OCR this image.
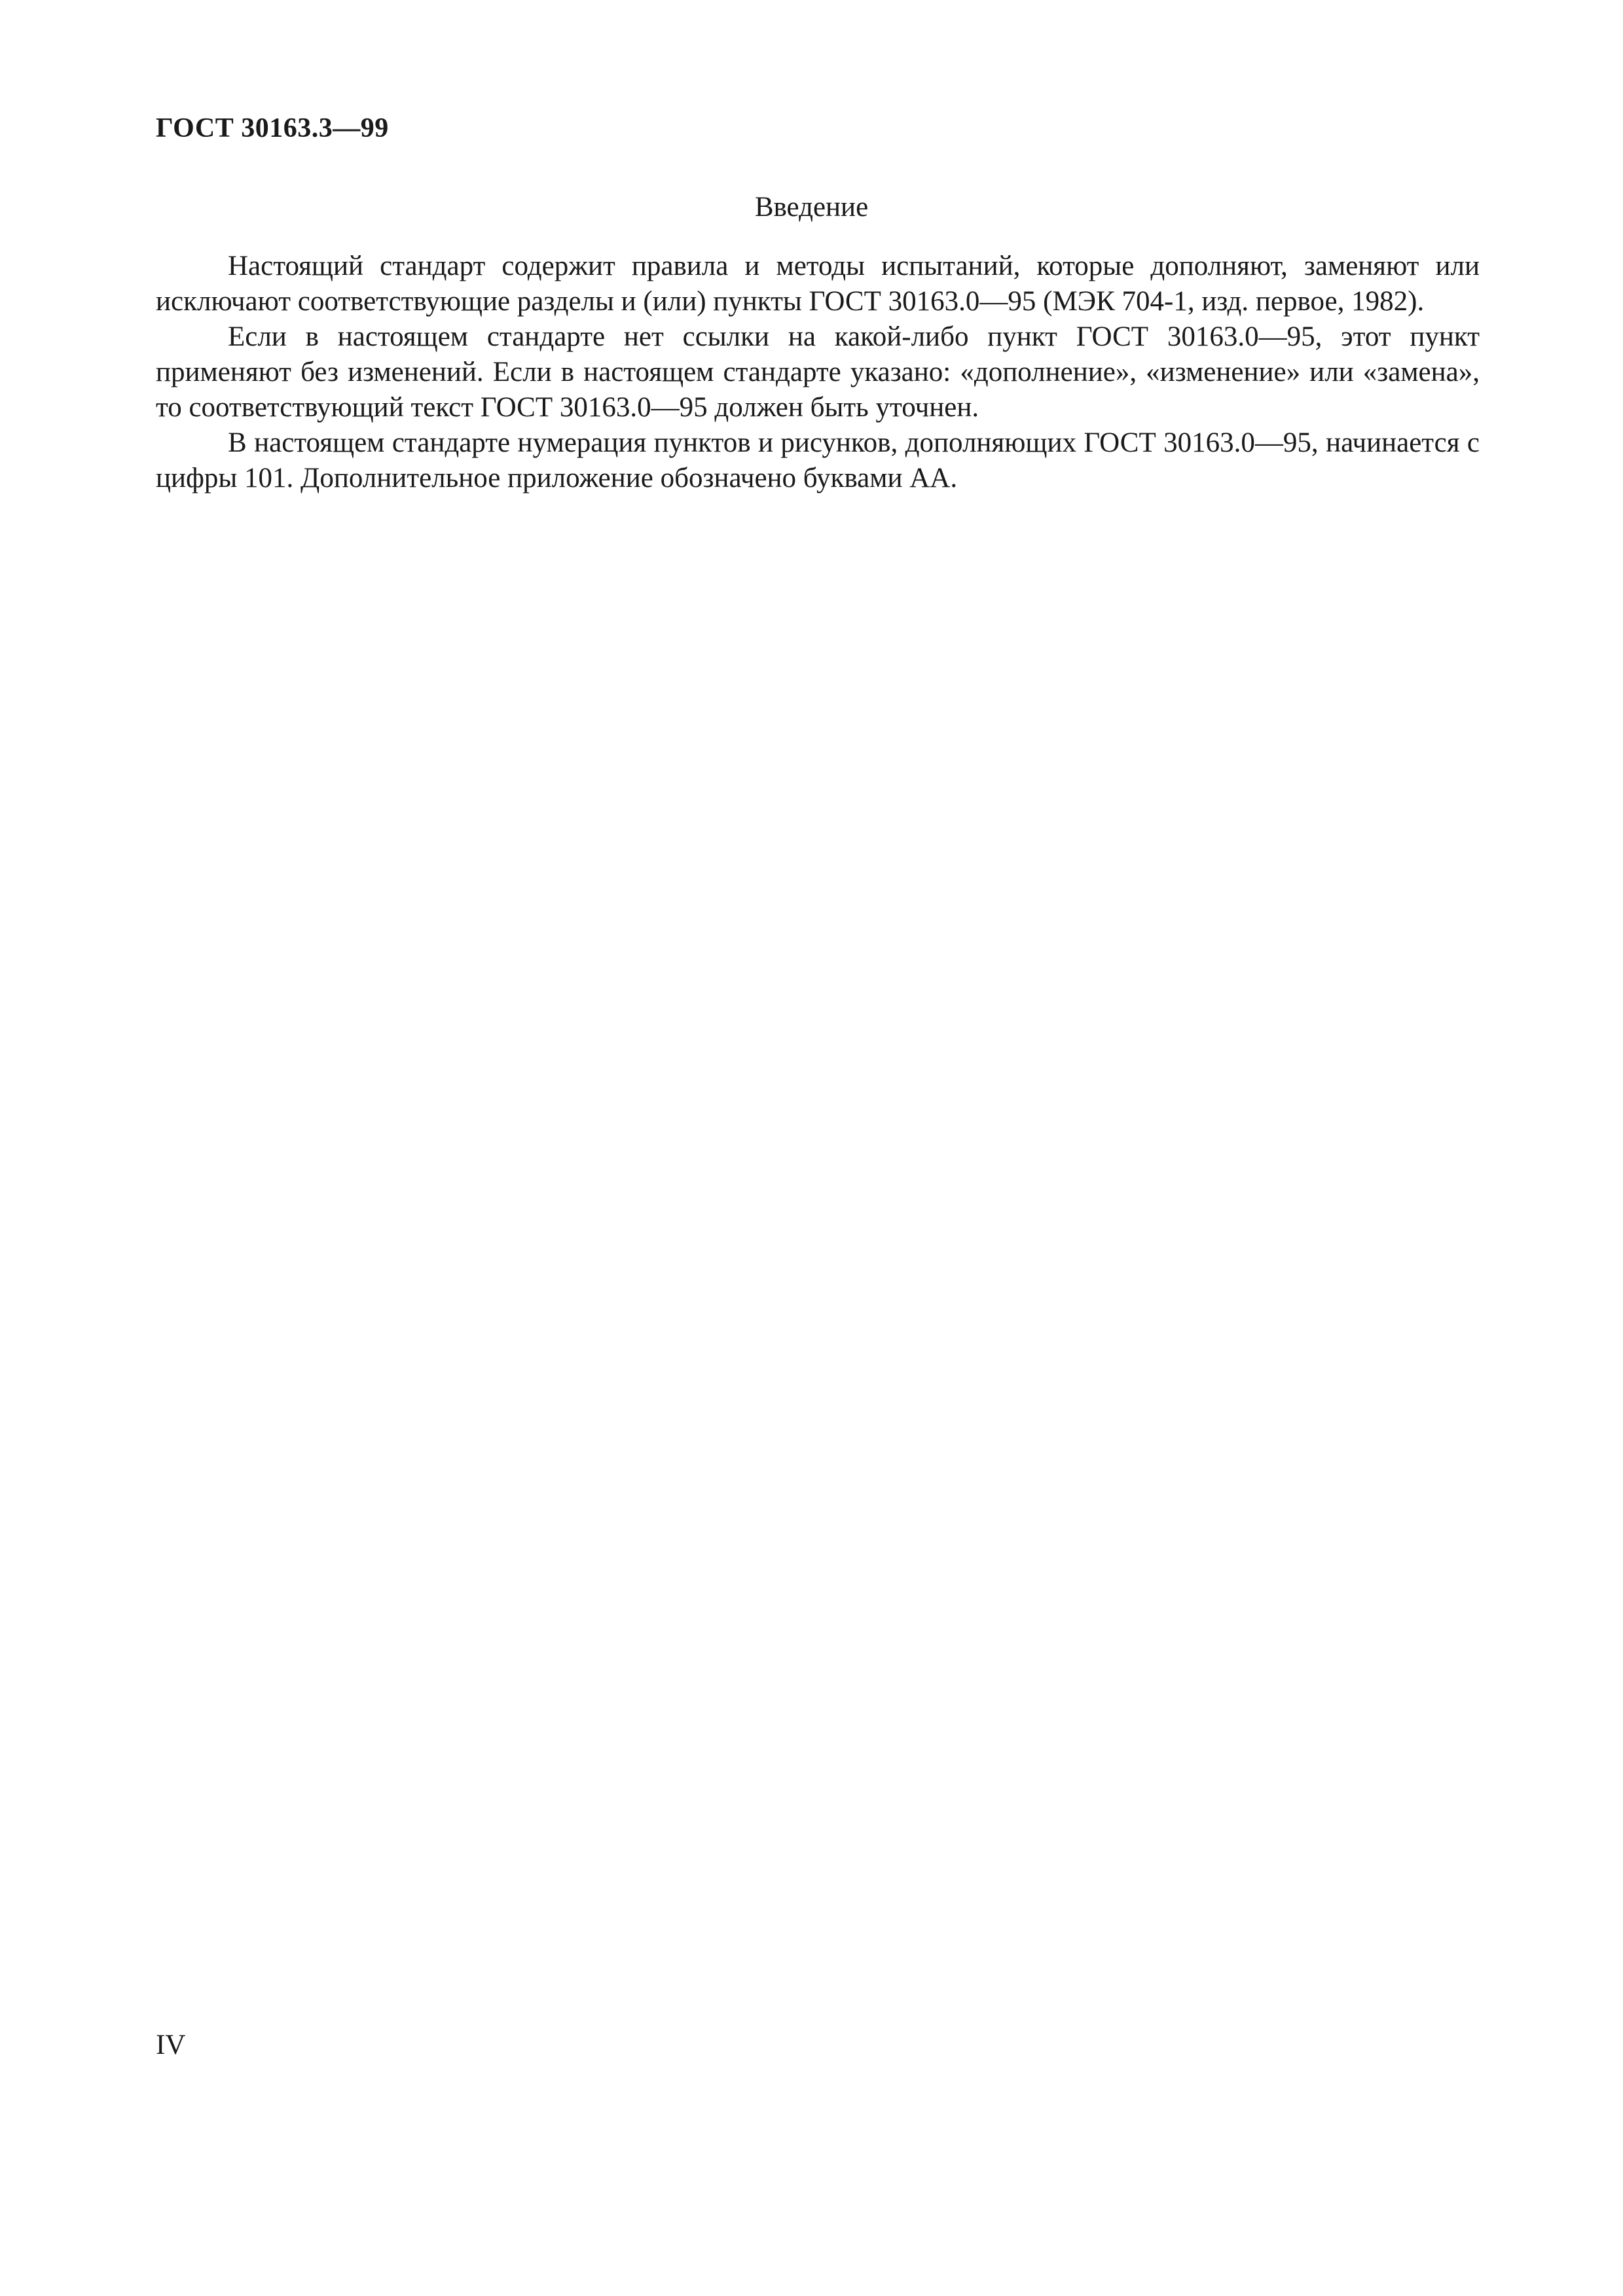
ГОСТ 30163.3—99
Введение

Настоящий стандарт содержит правила и методы испытаний, которые дополняют, заменяют или исключают соответствующие разделы и (или) пункты ГОСТ 30163.0—95 (МЭК 704-1, изд. первое, 1982).

Если в настоящем стандарте нет ссылки на какой-либо пункт ГОСТ 30163.0—95, этот пункт применяют без изменений. Если в настоящем стандарте указано: «дополнение», «изменение» или «замена», то соответствующий текст ГОСТ 30163.0—95 должен быть уточнен.

В настоящем стандарте нумерация пунктов и рисунков, дополняющих ГОСТ 30163.0—95, начинается с цифры 101. Дополнительное приложение обозначено буквами АА.

IV
